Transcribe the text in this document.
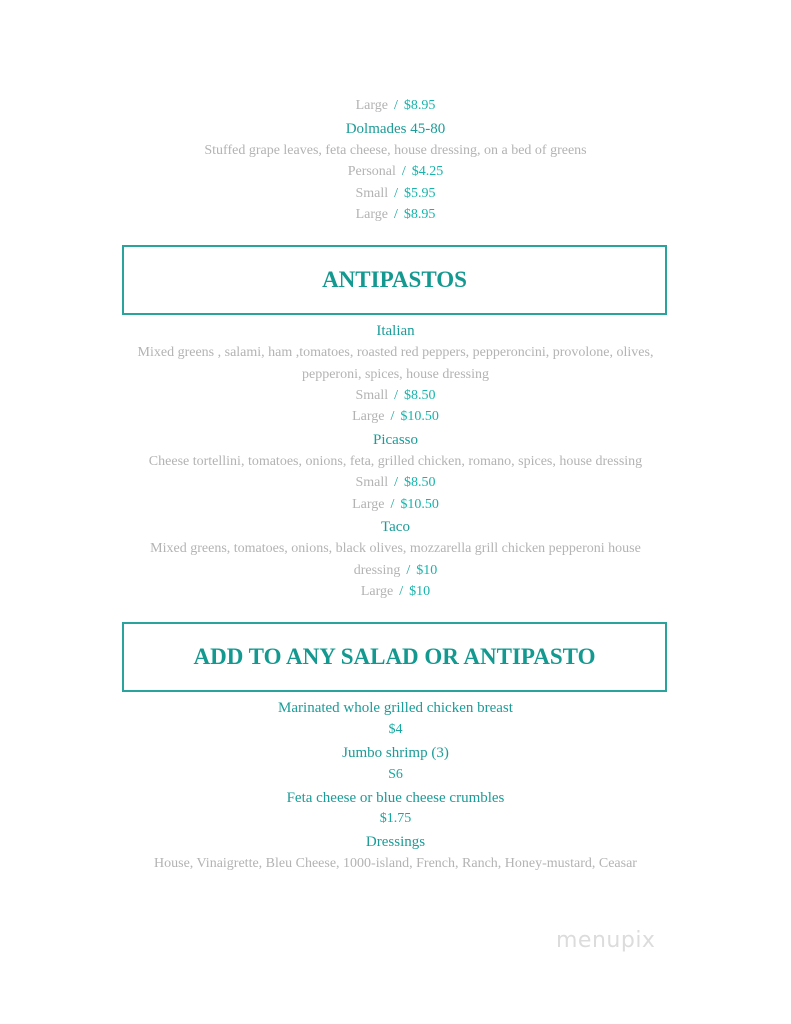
Large / $8.95
Dolmades 45-80
Stuffed grape leaves, feta cheese, house dressing, on a bed of greens
Personal / $4.25
Small / $5.95
Large / $8.95
ANTIPASTOS
Italian
Mixed greens , salami, ham ,tomatoes, roasted red peppers, pepperoncini, provolone, olives,
pepperoni, spices, house dressing
Small / $8.50
Large / $10.50
Picasso
Cheese tortellini, tomatoes, onions, feta, grilled chicken, romano, spices, house dressing
Small / $8.50
Large / $10.50
Taco
Mixed greens, tomatoes, onions, black olives, mozzarella grill chicken pepperoni house
dressing / $10
Large / $10
ADD TO ANY SALAD OR ANTIPASTO
Marinated whole grilled chicken breast
$4
Jumbo shrimp (3)
S6
Feta cheese or blue cheese crumbles
$1.75
Dressings
House, Vinaigrette, Bleu Cheese, 1000-island, French, Ranch, Honey-mustard, Ceasar
menupix
